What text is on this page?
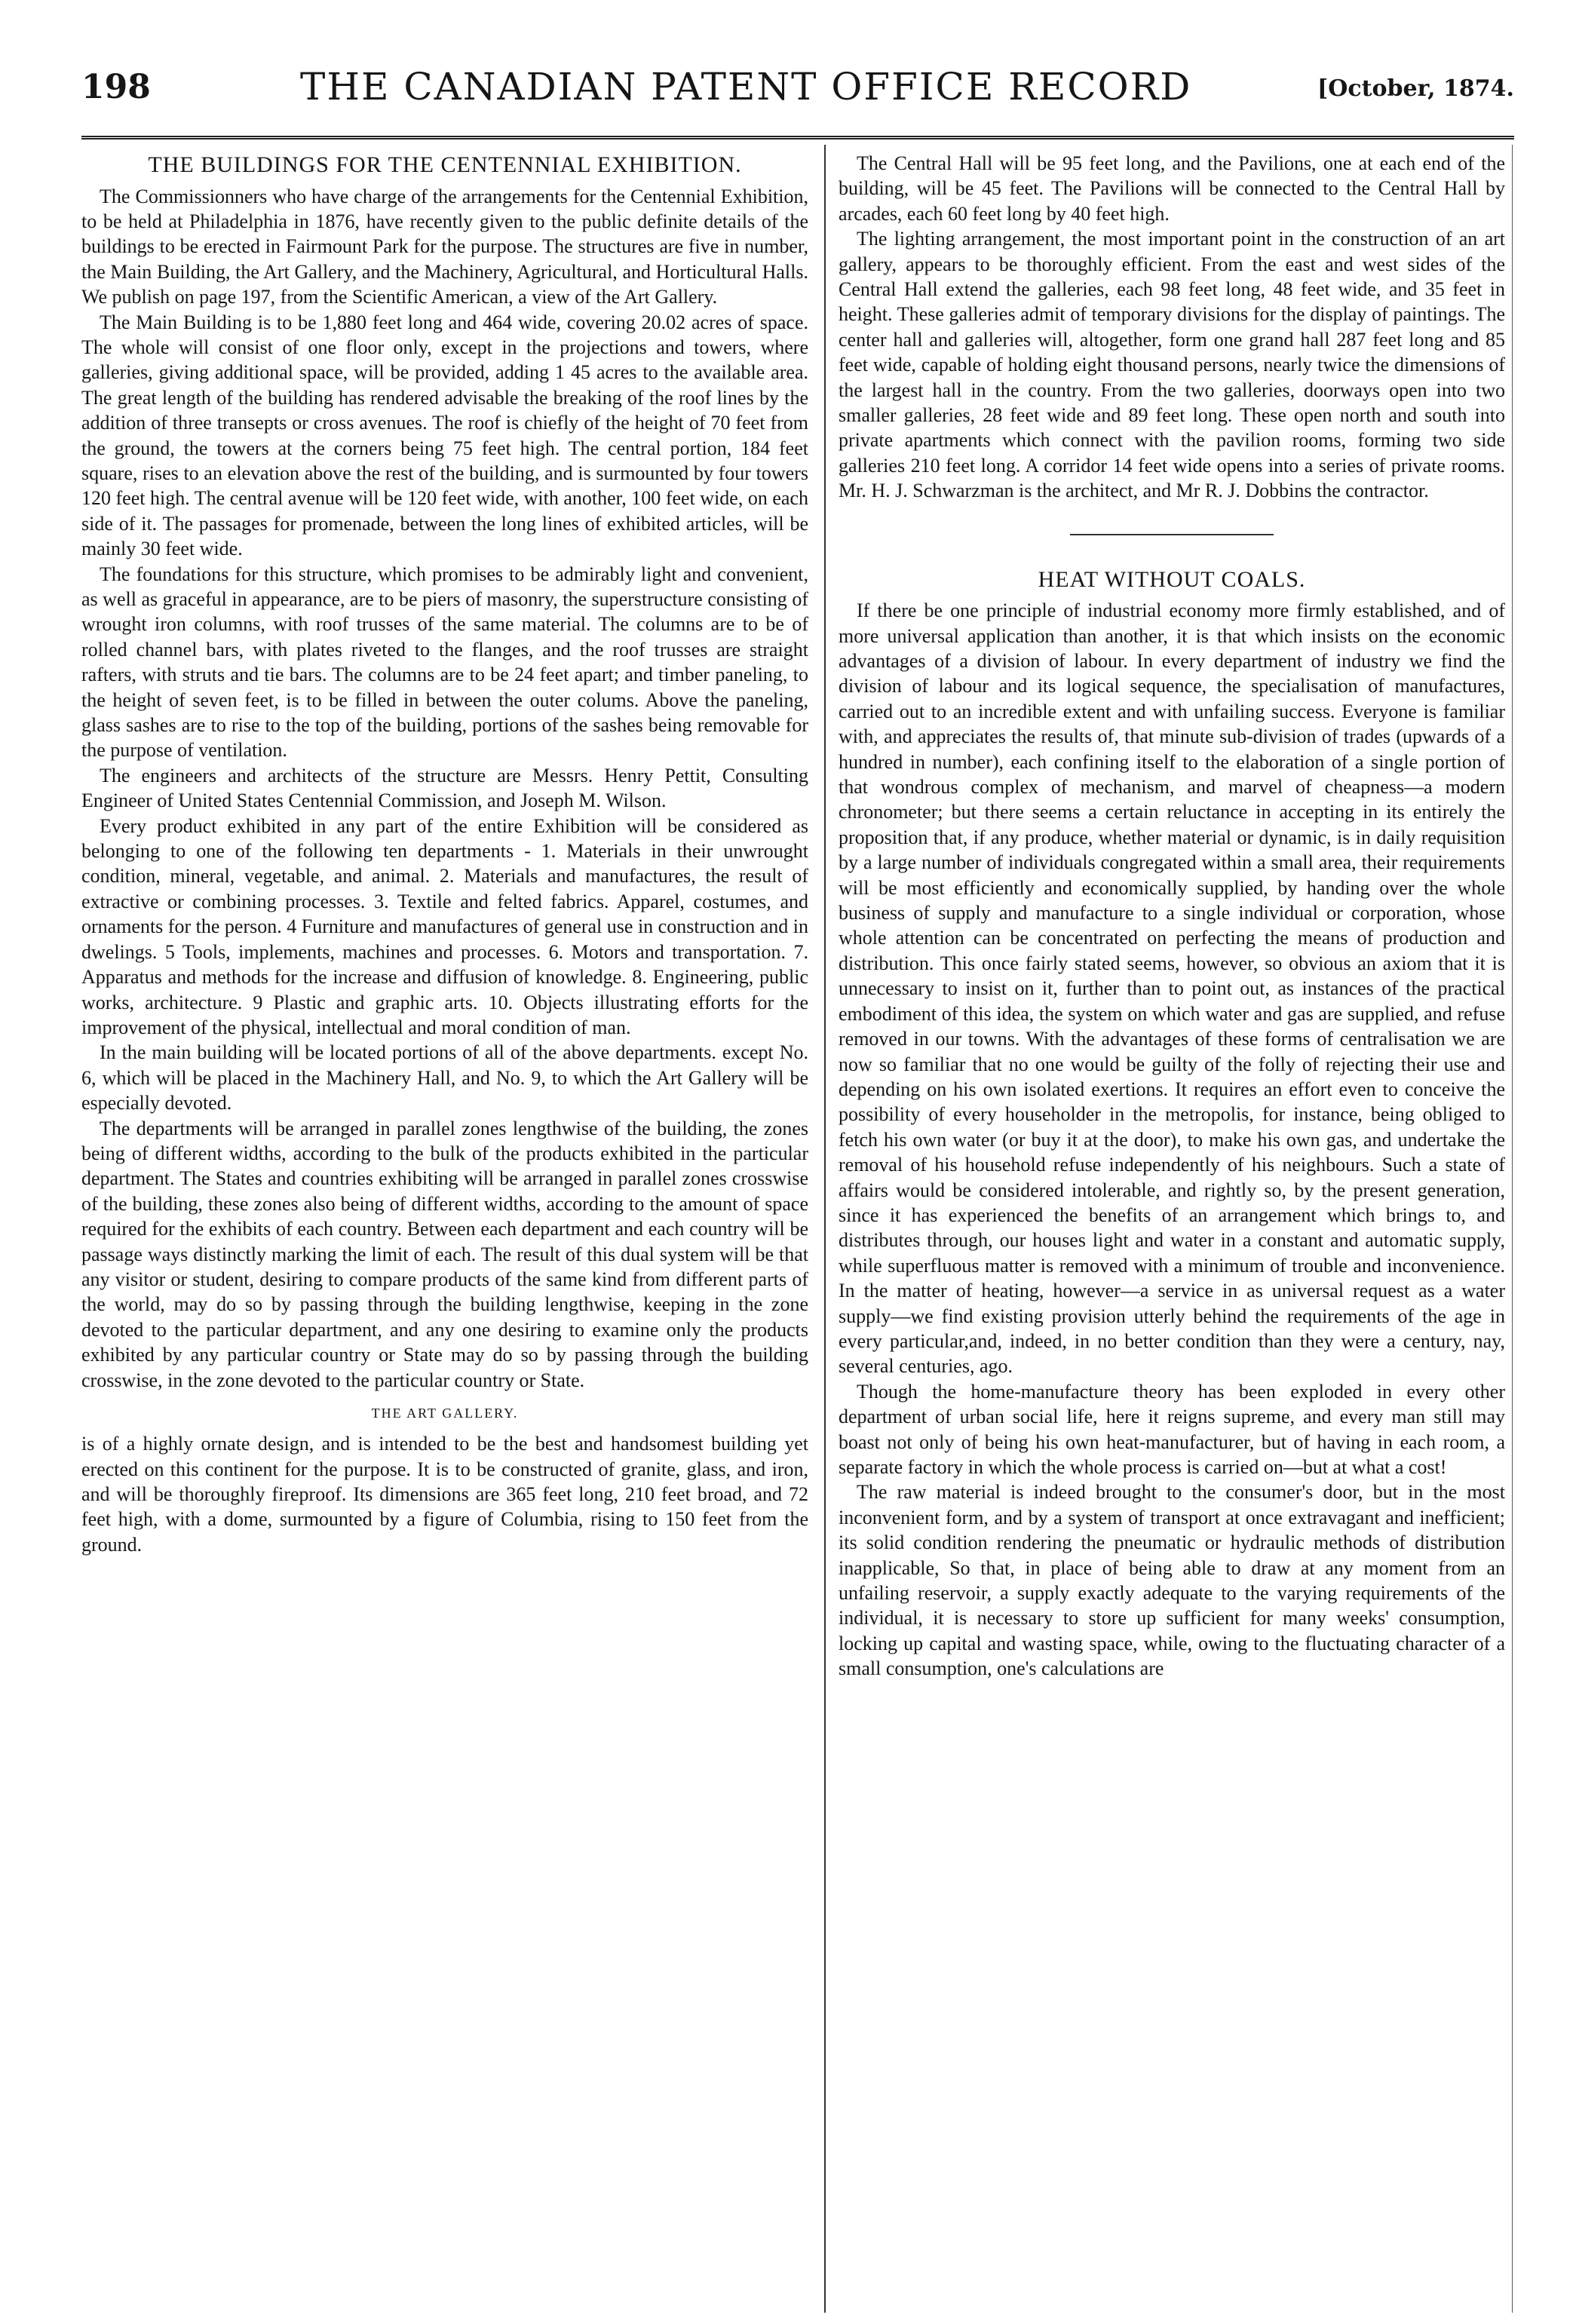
198	THE CANADIAN PATENT OFFICE RECORD	[October, 1874.
THE BUILDINGS FOR THE CENTENNIAL EXHIBITION.

The Commissionners who have charge of the arrangements for the Centennial Exhibition, to be held at Philadelphia in 1876, have recently given to the public definite details of the buildings to be erected in Fairmount Park for the purpose. The structures are five in number, the Main Building, the Art Gallery, and the Machinery, Agricultural, and Horticultural Halls. We publish on page 197, from the Scientific American, a view of the Art Gallery.

The Main Building is to be 1,880 feet long and 464 wide, covering 20.02 acres of space. The whole will consist of one floor only, except in the projections and towers, where galleries, giving additional space, will be provided, adding 1 45 acres to the available area. The great length of the building has rendered advisable the breaking of the roof lines by the addition of three transepts or cross avenues. The roof is chiefly of the height of 70 feet from the ground, the towers at the corners being 75 feet high. The central portion, 184 feet square, rises to an elevation above the rest of the building, and is surmounted by four towers 120 feet high. The central avenue will be 120 feet wide, with another, 100 feet wide, on each side of it. The passages for promenade, between the long lines of exhibited articles, will be mainly 30 feet wide.

The foundations for this structure, which promises to be admirably light and convenient, as well as graceful in appearance, are to be piers of masonry, the superstructure consisting of wrought iron columns, with roof trusses of the same material. The columns are to be of rolled channel bars, with plates riveted to the flanges, and the roof trusses are straight rafters, with struts and tie bars. The columns are to be 24 feet apart; and timber paneling, to the height of seven feet, is to be filled in between the outer colums. Above the paneling, glass sashes are to rise to the top of the building, portions of the sashes being removable for the purpose of ventilation.

The engineers and architects of the structure are Messrs. Henry Pettit, Consulting Engineer of United States Centennial Commission, and Joseph M. Wilson.

Every product exhibited in any part of the entire Exhibition will be considered as belonging to one of the following ten departments - 1. Materials in their unwrought condition, mineral, vegetable, and animal. 2. Materials and manufactures, the result of extractive or combining processes. 3. Textile and felted fabrics. Apparel, costumes, and ornaments for the person. 4 Furniture and manufactures of general use in construction and in dwelings. 5 Tools, implements, machines and processes. 6. Motors and transportation. 7. Apparatus and methods for the increase and diffusion of knowledge. 8. Engineering, public works, architecture. 9 Plastic and graphic arts. 10. Objects illustrating efforts for the improvement of the physical, intellectual and moral condition of man.

In the main building will be located portions of all of the above departments. except No. 6, which will be placed in the Machinery Hall, and No. 9, to which the Art Gallery will be especially devoted.

The departments will be arranged in parallel zones lengthwise of the building, the zones being of different widths, according to the bulk of the products exhibited in the particular department. The States and countries exhibiting will be arranged in parallel zones crosswise of the building, these zones also being of different widths, according to the amount of space required for the exhibits of each country. Between each department and each country will be passage ways distinctly marking the limit of each. The result of this dual system will be that any visitor or student, desiring to compare products of the same kind from different parts of the world, may do so by passing through the building lengthwise, keeping in the zone devoted to the particular department, and any one desiring to examine only the products exhibited by any particular country or State may do so by passing through the building crosswise, in the zone devoted to the particular country or State.

THE ART GALLERY.

is of a highly ornate design, and is intended to be the best and handsomest building yet erected on this continent for the purpose. It is to be constructed of granite, glass, and iron, and will be thoroughly fireproof. Its dimensions are 365 feet long, 210 feet broad, and 72 feet high, with a dome, surmounted by a figure of Columbia, rising to 150 feet from the ground.

The Central Hall will be 95 feet long, and the Pavilions, one at each end of the building, will be 45 feet. The Pavilions will be connected to the Central Hall by arcades, each 60 feet long by 40 feet high.

The lighting arrangement, the most important point in the construction of an art gallery, appears to be thoroughly efficient. From the east and west sides of the Central Hall extend the galleries, each 98 feet long, 48 feet wide, and 35 feet in height. These galleries admit of temporary divisions for the display of paintings. The center hall and galleries will, altogether, form one grand hall 287 feet long and 85 feet wide, capable of holding eight thousand persons, nearly twice the dimensions of the largest hall in the country. From the two galleries, doorways open into two smaller galleries, 28 feet wide and 89 feet long. These open north and south into private apartments which connect with the pavilion rooms, forming two side galleries 210 feet long. A corridor 14 feet wide opens into a series of private rooms. Mr. H. J. Schwarzman is the architect, and Mr R. J. Dobbins the contractor.

HEAT WITHOUT COALS.

If there be one principle of industrial economy more firmly established, and of more universal application than another, it is that which insists on the economic advantages of a division of labour. In every department of industry we find the division of labour and its logical sequence, the specialisation of manufactures, carried out to an incredible extent and with unfailing success. Everyone is familiar with, and appreciates the results of, that minute sub-division of trades (upwards of a hundred in number), each confining itself to the elaboration of a single portion of that wondrous complex of mechanism, and marvel of cheapness—a modern chronometer; but there seems a certain reluctance in accepting in its entirely the proposition that, if any produce, whether material or dynamic, is in daily requisition by a large number of individuals congregated within a small area, their requirements will be most efficiently and economically supplied, by handing over the whole business of supply and manufacture to a single individual or corporation, whose whole attention can be concentrated on perfecting the means of production and distribution. This once fairly stated seems, however, so obvious an axiom that it is unnecessary to insist on it, further than to point out, as instances of the practical embodiment of this idea, the system on which water and gas are supplied, and refuse removed in our towns. With the advantages of these forms of centralisation we are now so familiar that no one would be guilty of the folly of rejecting their use and depending on his own isolated exertions. It requires an effort even to conceive the possibility of every householder in the metropolis, for instance, being obliged to fetch his own water (or buy it at the door), to make his own gas, and undertake the removal of his household refuse independently of his neighbours. Such a state of affairs would be considered intolerable, and rightly so, by the present generation, since it has experienced the benefits of an arrangement which brings to, and distributes through, our houses light and water in a constant and automatic supply, while superfluous matter is removed with a minimum of trouble and inconvenience. In the matter of heating, however—a service in as universal request as a water supply—we find existing provision utterly behind the requirements of the age in every particular,and, indeed, in no better condition than they were a century, nay, several centuries, ago.

Though the home-manufacture theory has been exploded in every other department of urban social life, here it reigns supreme, and every man still may boast not only of being his own heat-manufacturer, but of having in each room, a separate factory in which the whole process is carried on—but at what a cost!

The raw material is indeed brought to the consumer's door, but in the most inconvenient form, and by a system of transport at once extravagant and inefficient; its solid condition rendering the pneumatic or hydraulic methods of distribution inapplicable, So that, in place of being able to draw at any moment from an unfailing reservoir, a supply exactly adequate to the varying requirements of the individual, it is necessary to store up sufficient for many weeks' consumption, locking up capital and wasting space, while, owing to the fluctuating character of a small consumption, one's calculations are
